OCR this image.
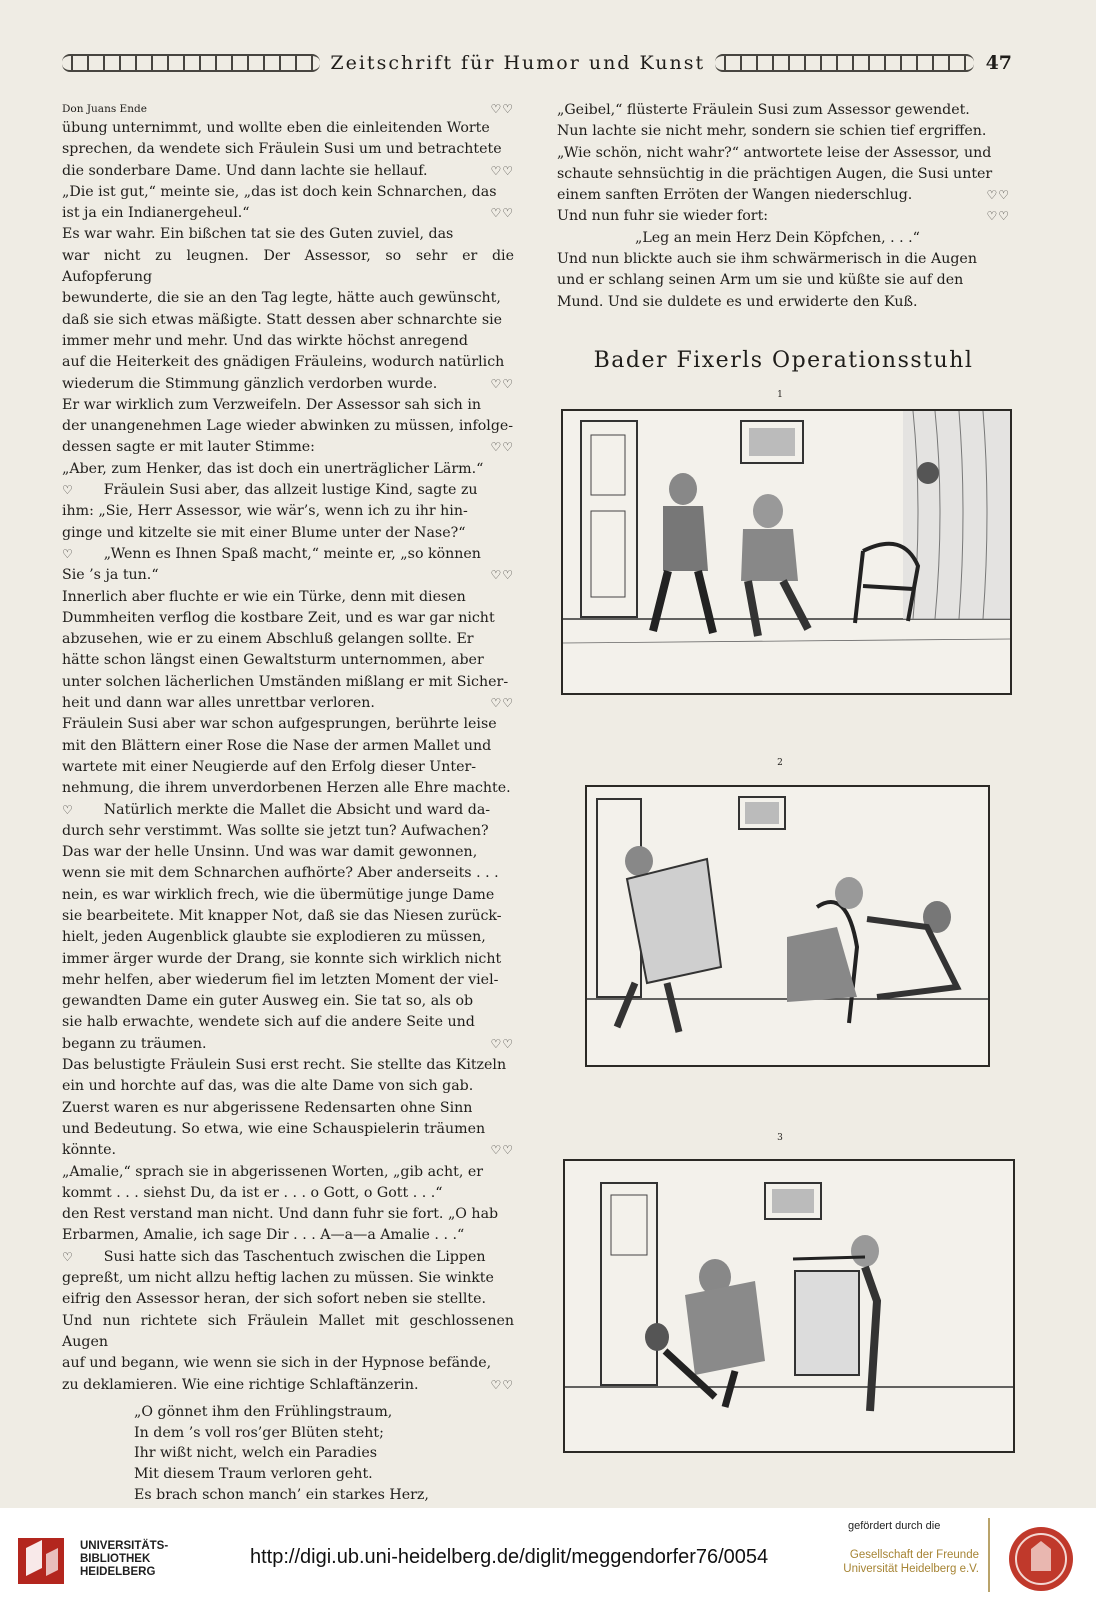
Zeitschrift für Humor und Kunst	47
Don Juans Ende	♡♡
übung unternimmt, und wollte eben die einleitenden Worte
sprechen, da wendete sich Fräulein Susi um und betrachtete
die sonderbare Dame. Und dann lachte sie hellauf.	♡♡
„Die ist gut,“ meinte sie, „das ist doch kein Schnarchen, das
ist ja ein Indianergeheul.“	♡♡
Es war wahr. Ein bißchen tat sie des Guten zuviel, das
war nicht zu leugnen. Der Assessor, so sehr er die Aufopferung
bewunderte, die sie an den Tag legte, hätte auch gewünscht,
daß sie sich etwas mäßigte. Statt dessen aber schnarchte sie
immer mehr und mehr. Und das wirkte höchst anregend
auf die Heiterkeit des gnädigen Fräuleins, wodurch natürlich
wiederum die Stimmung gänzlich verdorben wurde.	♡♡
Er war wirklich zum Verzweifeln. Der Assessor sah sich in
der unangenehmen Lage wieder abwinken zu müssen, infolge-
dessen sagte er mit lauter Stimme:	♡♡
„Aber, zum Henker, das ist doch ein unerträglicher Lärm.“
♡ Fräulein Susi aber, das allzeit lustige Kind, sagte zu
ihm: „Sie, Herr Assessor, wie wär’s, wenn ich zu ihr hin-
ginge und kitzelte sie mit einer Blume unter der Nase?“
♡ „Wenn es Ihnen Spaß macht,“ meinte er, „so können
Sie ’s ja tun.“	♡♡
Innerlich aber fluchte er wie ein Türke, denn mit diesen
Dummheiten verflog die kostbare Zeit, und es war gar nicht
abzusehen, wie er zu einem Abschluß gelangen sollte. Er
hätte schon längst einen Gewaltsturm unternommen, aber
unter solchen lächerlichen Umständen mißlang er mit Sicher-
heit und dann war alles unrettbar verloren.	♡♡
Fräulein Susi aber war schon aufgesprungen, berührte leise
mit den Blättern einer Rose die Nase der armen Mallet und
wartete mit einer Neugierde auf den Erfolg dieser Unter-
nehmung, die ihrem unverdorbenen Herzen alle Ehre machte.
♡ Natürlich merkte die Mallet die Absicht und ward da-
durch sehr verstimmt. Was sollte sie jetzt tun? Aufwachen?
Das war der helle Unsinn. Und was war damit gewonnen,
wenn sie mit dem Schnarchen aufhörte? Aber anderseits . . .
nein, es war wirklich frech, wie die übermütige junge Dame
sie bearbeitete. Mit knapper Not, daß sie das Niesen zurück-
hielt, jeden Augenblick glaubte sie explodieren zu müssen,
immer ärger wurde der Drang, sie konnte sich wirklich nicht
mehr helfen, aber wiederum fiel im letzten Moment der viel-
gewandten Dame ein guter Ausweg ein. Sie tat so, als ob
sie halb erwachte, wendete sich auf die andere Seite und
begann zu träumen.	♡♡
Das belustigte Fräulein Susi erst recht. Sie stellte das Kitzeln
ein und horchte auf das, was die alte Dame von sich gab.
Zuerst waren es nur abgerissene Redensarten ohne Sinn
und Bedeutung. So etwa, wie eine Schauspielerin träumen
könnte.	♡♡
„Amalie,“ sprach sie in abgerissenen Worten, „gib acht, er
kommt . . . siehst Du, da ist er . . . o Gott, o Gott . . .“
den Rest verstand man nicht. Und dann fuhr sie fort. „O hab
Erbarmen, Amalie, ich sage Dir . . . A—a—a Amalie . . .“
♡ Susi hatte sich das Taschentuch zwischen die Lippen
gepreßt, um nicht allzu heftig lachen zu müssen. Sie winkte
eifrig den Assessor heran, der sich sofort neben sie stellte.
Und nun richtete sich Fräulein Mallet mit geschlossenen Augen
auf und begann, wie wenn sie sich in der Hypnose befände,
zu deklamieren. Wie eine richtige Schlaftänzerin.	♡♡
„O gönnet ihm den Frühlingstraum,
In dem ’s voll ros’ger Blüten steht;
Ihr wißt nicht, welch ein Paradies
Mit diesem Traum verloren geht.
Es brach schon manch’ ein starkes Herz,
„Geibel,“ flüsterte Fräulein Susi zum Assessor gewendet.
Nun lachte sie nicht mehr, sondern sie schien tief ergriffen.
„Wie schön, nicht wahr?“ antwortete leise der Assessor, und
schaute sehnsüchtig in die prächtigen Augen, die Susi unter
einem sanften Erröten der Wangen niederschlug.	♡♡
Und nun fuhr sie wieder fort:	♡♡
„Leg an mein Herz Dein Köpfchen, . . .“
Und nun blickte auch sie ihm schwärmerisch in die Augen
und er schlang seinen Arm um sie und küßte sie auf den
Mund. Und sie duldete es und erwiderte den Kuß.
Bader Fixerls Operationsstuhl
1
2
3
UNIVERSITÄTS-
BIBLIOTHEK
HEIDELBERG
http://digi.ub.uni-heidelberg.de/diglit/meggendorfer76/0054
gefördert durch die
Gesellschaft der Freunde
Universität Heidelberg e.V.
